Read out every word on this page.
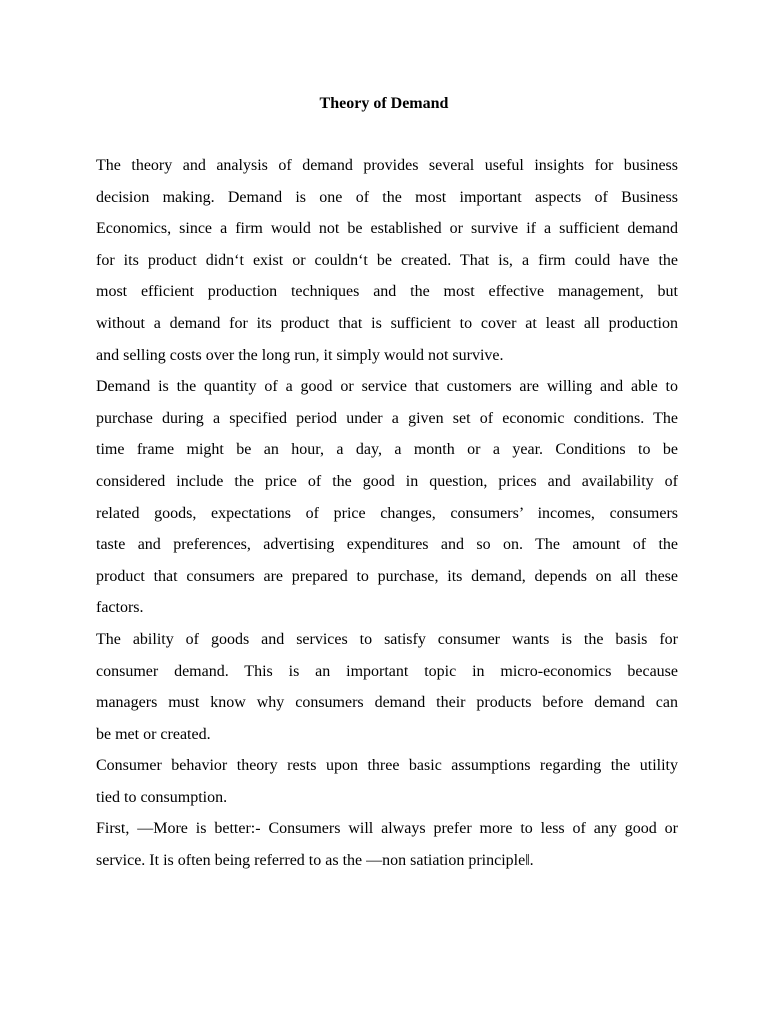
Theory of Demand

The theory and analysis of demand provides several useful insights for business
decision making. Demand is one of the most important aspects of Business
Economics, since a firm would not be established or survive if a sufficient demand
for its product didn‘t exist or couldn‘t be created. That is, a firm could have the
most efficient production techniques and the most effective management, but
without a demand for its product that is sufficient to cover at least all production
and selling costs over the long run, it simply would not survive.

Demand is the quantity of a good or service that customers are willing and able to
purchase during a specified period under a given set of economic conditions. The
time frame might be an hour, a day, a month or a year. Conditions to be
considered include the price of the good in question, prices and availability of
related goods, expectations of price changes, consumers’ incomes, consumers
taste and preferences, advertising expenditures and so on. The amount of the
product that consumers are prepared to purchase, its demand, depends on all these
factors.

The ability of goods and services to satisfy consumer wants is the basis for
consumer demand. This is an important topic in micro-economics because
managers must know why consumers demand their products before demand can
be met or created.

Consumer behavior theory rests upon three basic assumptions regarding the utility
tied to consumption.

First, ―More is better:- Consumers will always prefer more to less of any good or
service. It is often being referred to as the ―non satiation principle‖.
